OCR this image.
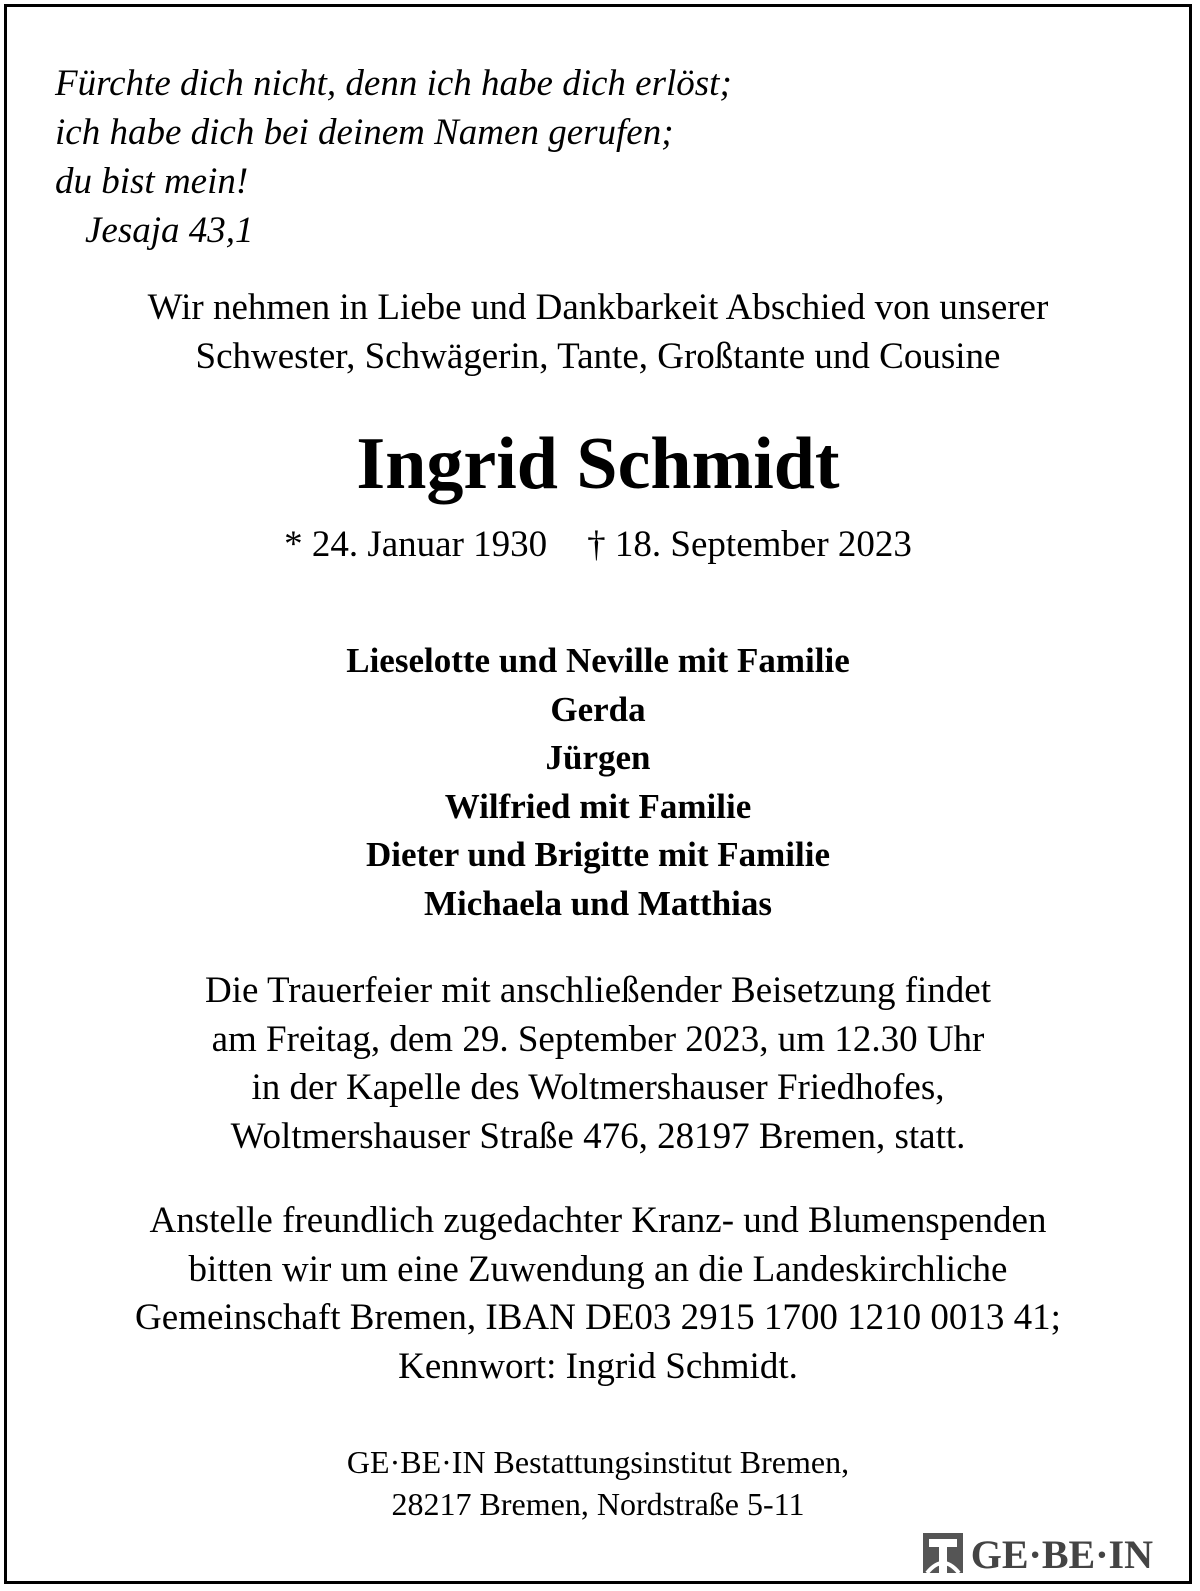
Fürchte dich nicht, denn ich habe dich erlöst;
ich habe dich bei deinem Namen gerufen;
du bist mein!
Jesaja 43,1
Wir nehmen in Liebe und Dankbarkeit Abschied von unserer
Schwester, Schwägerin, Tante, Großtante und Cousine
Ingrid Schmidt
* 24. Januar 1930 † 18. September 2023
Lieselotte und Neville mit Familie
Gerda
Jürgen
Wilfried mit Familie
Dieter und Brigitte mit Familie
Michaela und Matthias
Die Trauerfeier mit anschließender Beisetzung findet
am Freitag, dem 29. September 2023, um 12.30 Uhr
in der Kapelle des Woltmershauser Friedhofes,
Woltmershauser Straße 476, 28197 Bremen, statt.
Anstelle freundlich zugedachter Kranz- und Blumenspenden
bitten wir um eine Zuwendung an die Landeskirchliche
Gemeinschaft Bremen, IBAN DE03 2915 1700 1210 0013 41;
Kennwort: Ingrid Schmidt.
GE·BE·IN Bestattungsinstitut Bremen,
28217 Bremen, Nordstraße 5-11
GE·BE·IN
